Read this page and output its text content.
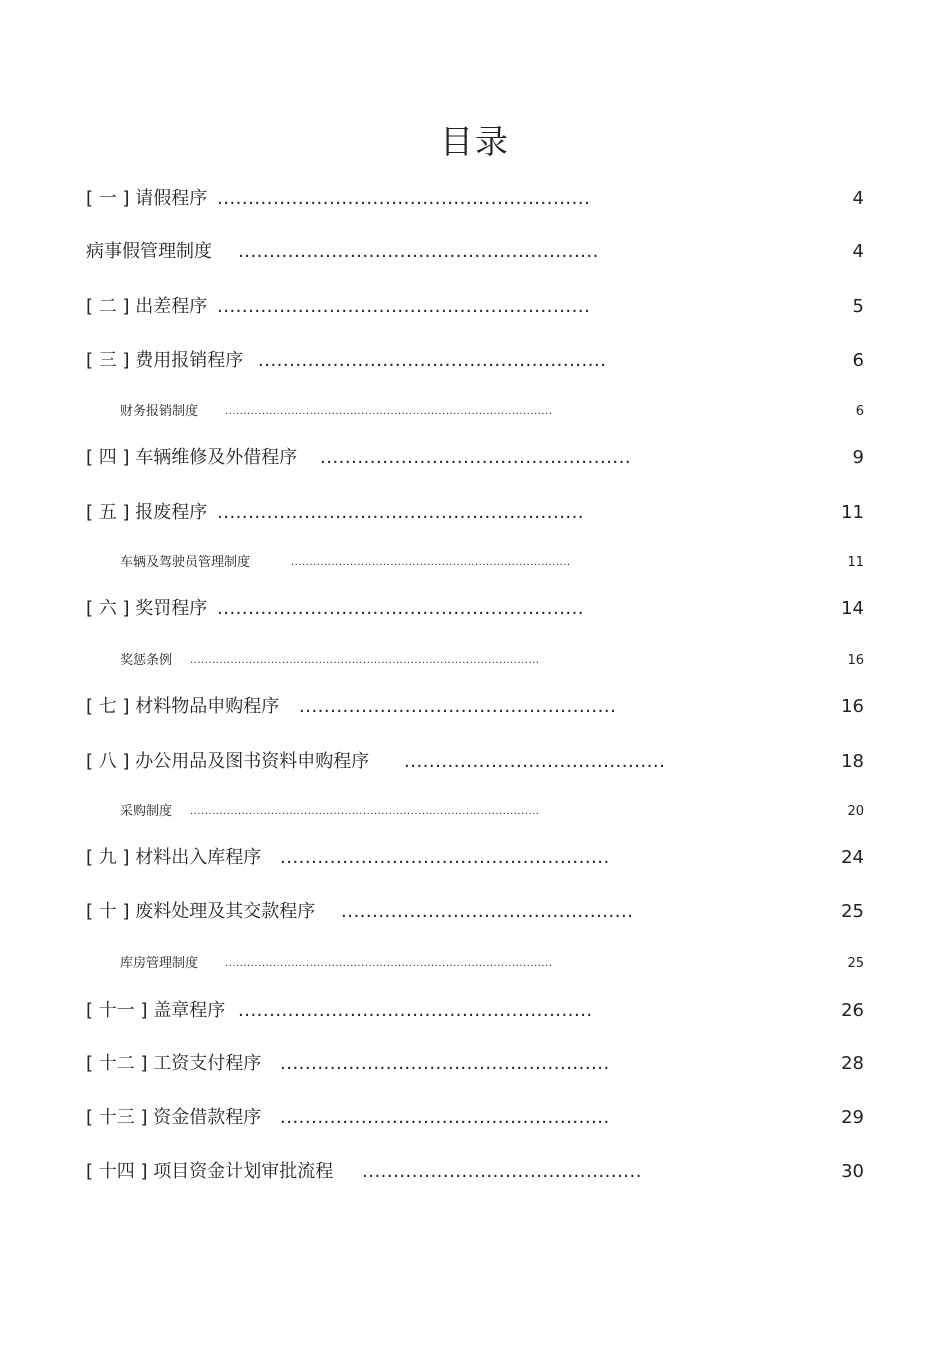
目录
[ 一 ] 请假程序 ............................................................	4
病事假管理制度 ..........................................................	4
[ 二 ] 出差程序 ............................................................	5
[ 三 ] 费用报销程序 ........................................................	6
财务报销制度	.........................................................................................	6
[ 四 ] 车辆维修及外借程序 ..................................................	9
[ 五 ] 报废程序 ...........................................................	11
车辆及驾驶员管理制度	............................................................................	11
[ 六 ] 奖罚程序 ...........................................................	14
奖惩条例 ...............................................................................................	16
[ 七 ] 材料物品申购程序 ...................................................	16
[ 八 ] 办公用品及图书资料申购程序 ..........................................	18
采购制度 ...............................................................................................	20
[ 九 ] 材料出入库程序 .....................................................	24
[ 十 ] 废料处理及其交款程序 ...............................................	25
库房管理制度	.........................................................................................	25
[ 十一 ] 盖章程序 .........................................................	26
[ 十二 ] 工资支付程序 .....................................................	28
[ 十三 ] 资金借款程序 .....................................................	29
[ 十四 ] 项目资金计划审批流程 .............................................	30
